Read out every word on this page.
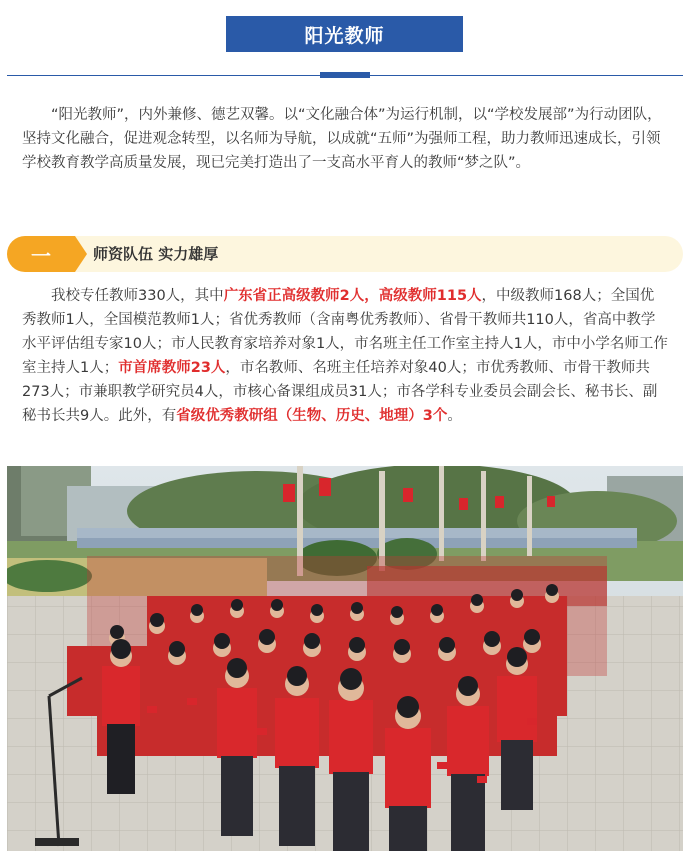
阳光教师

“阳光教师”，内外兼修、德艺双馨。以“文化融合体”为运行机制，以“学校发展部”为行动团队，坚持文化融合，促进观念转型，以名师为导航，以成就“五师”为强师工程，助力教师迅速成长，引领学校教育教学高质量发展，现已完美打造出了一支高水平育人的教师“梦之队”。

一	师资队伍 实力雄厚

我校专任教师330人，其中广东省正高级教师2人，高级教师115人，中级教师168人；全国优秀教师1人，全国模范教师1人；省优秀教师（含南粤优秀教师）、省骨干教师共110人，省高中教学水平评估组专家10人；市人民教育家培养对象1人，市名班主任工作室主持人1人，市中小学名师工作室主持人1人；市首席教师23人，市名教师、名班主任培养对象40人；市优秀教师、市骨干教师共273人；市兼职教学研究员4人，市核心备课组成员31人；市各学科专业委员会副会长、秘书长、副秘书长共9人。此外，有省级优秀教研组（生物、历史、地理）3个。
